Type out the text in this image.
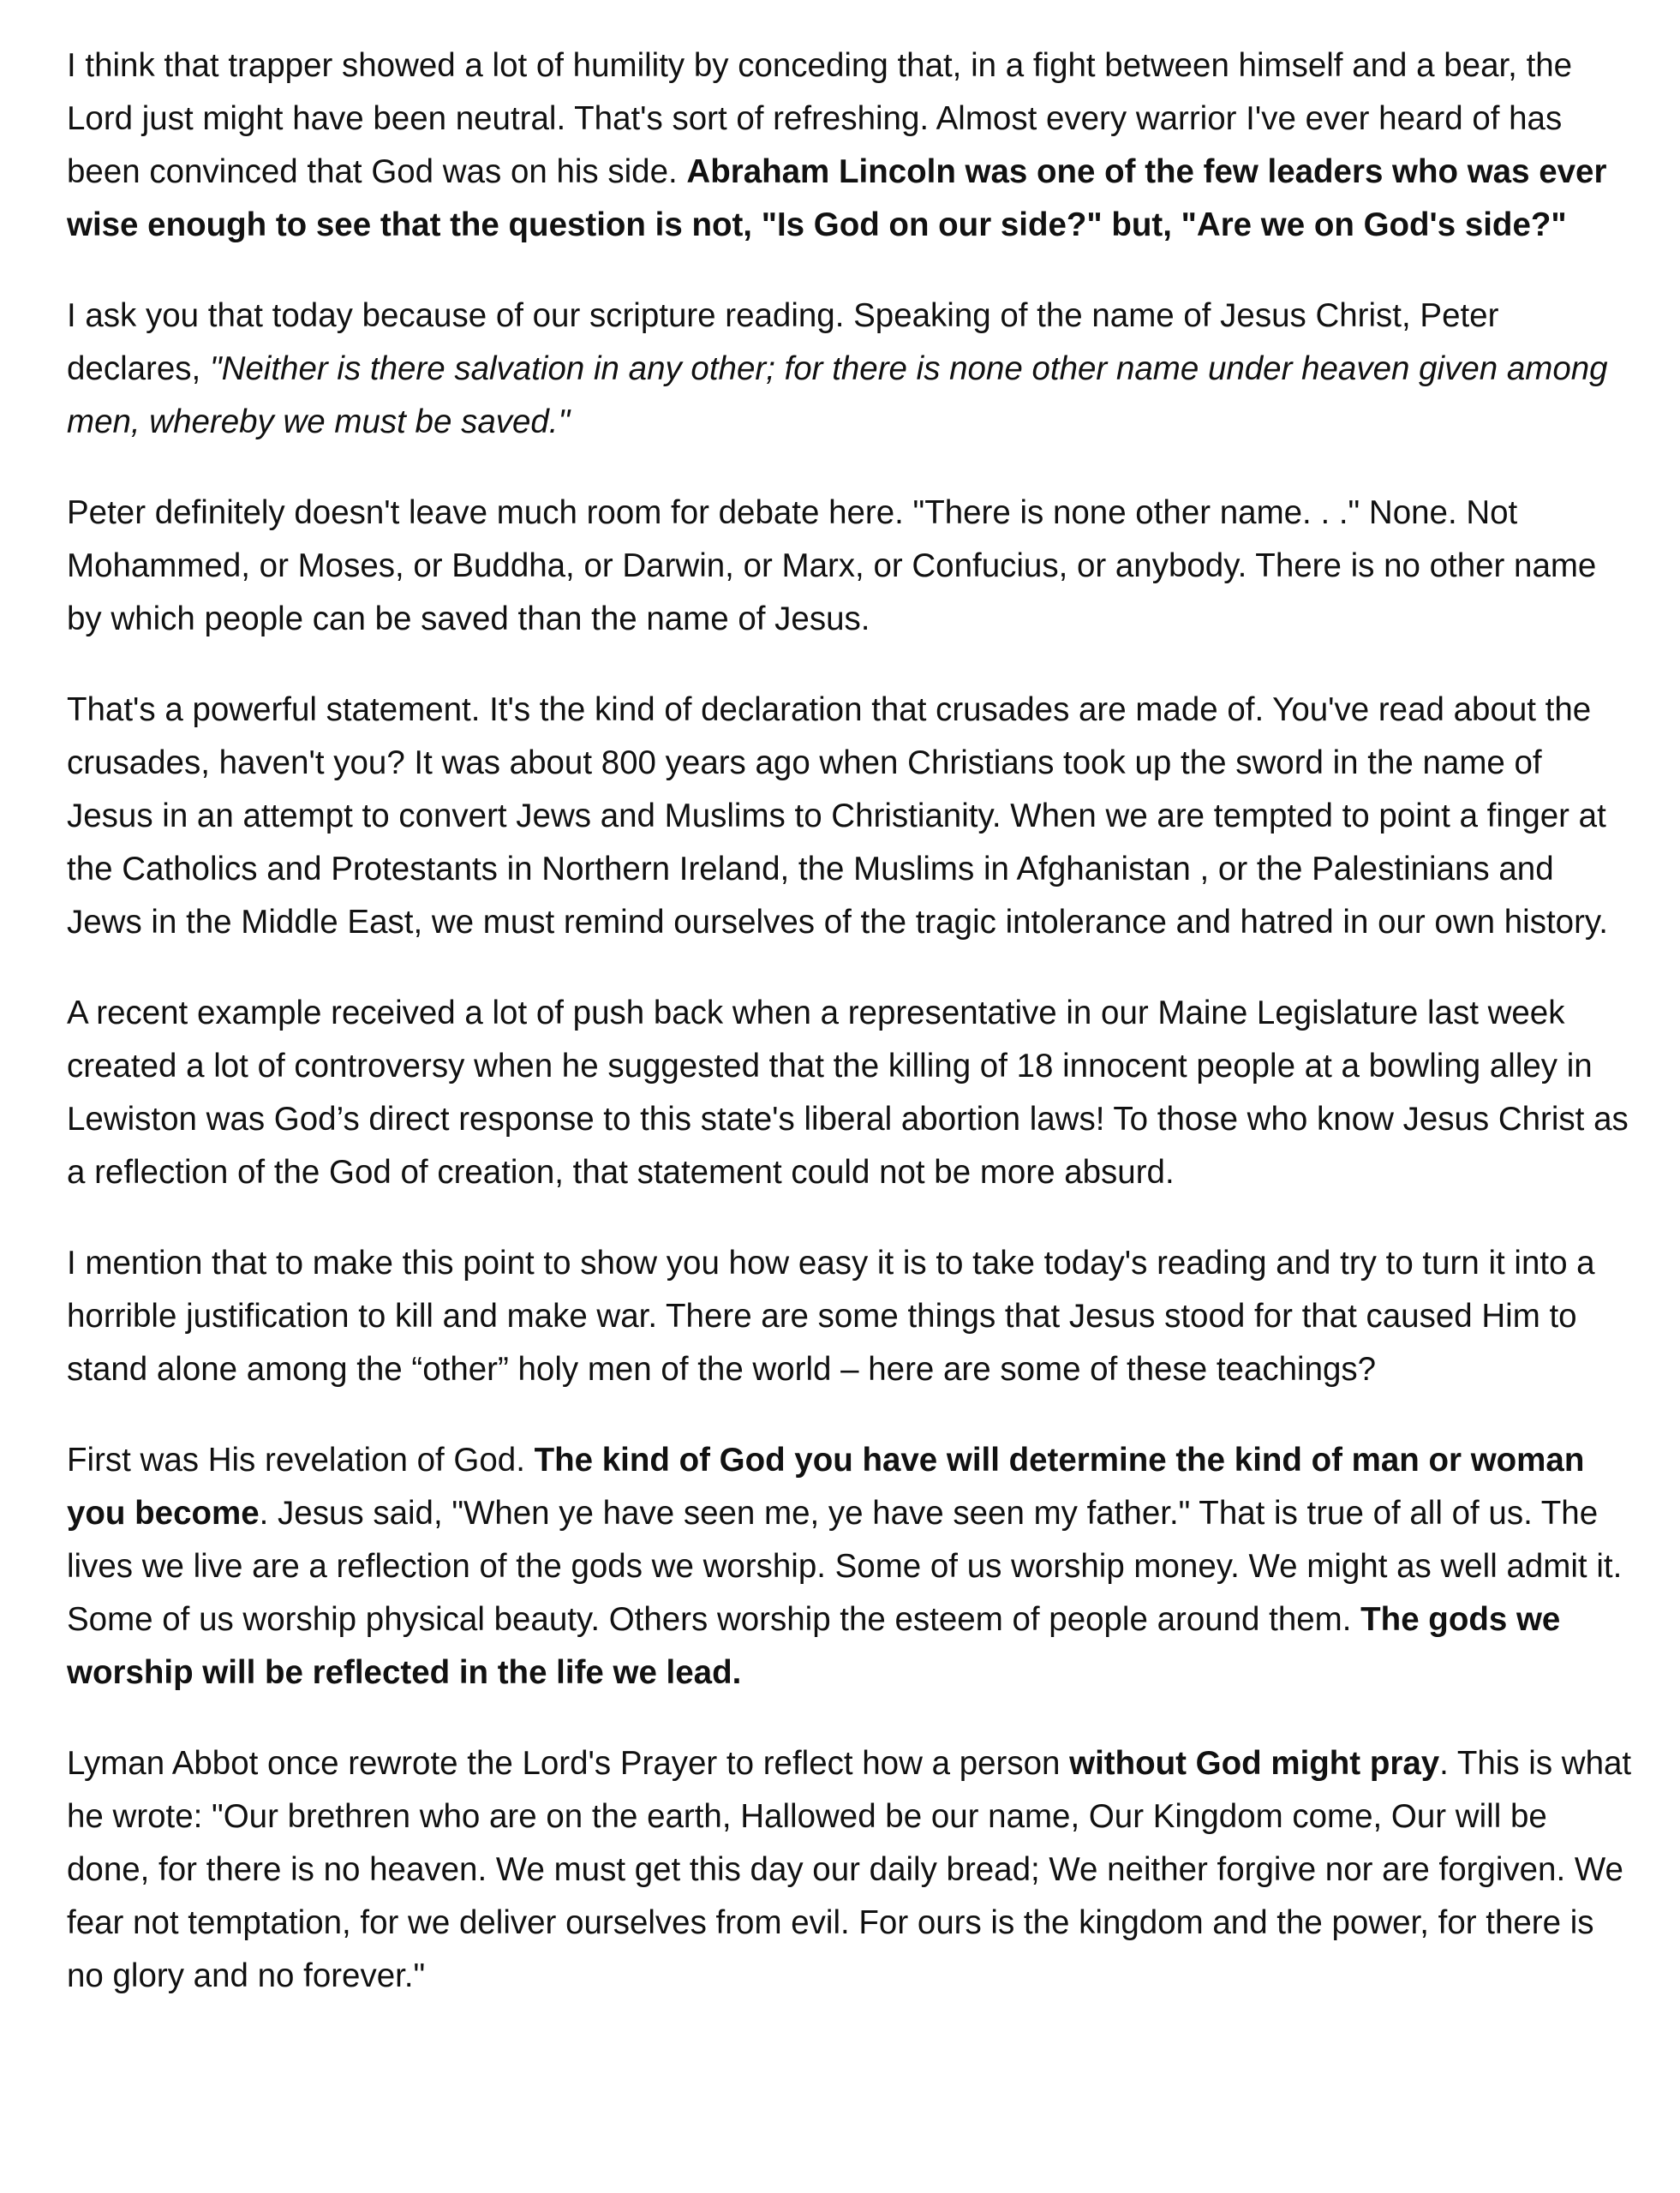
I think that trapper showed a lot of humility by conceding that, in a fight between himself and a bear, the Lord just might have been neutral. That's sort of refreshing. Almost every warrior I've ever heard of has been convinced that God was on his side. Abraham Lincoln was one of the few leaders who was ever wise enough to see that the question is not, "Is God on our side?" but, "Are we on God's side?"

I ask you that today because of our scripture reading. Speaking of the name of Jesus Christ, Peter declares, "Neither is there salvation in any other; for there is none other name under heaven given among men, whereby we must be saved."

Peter definitely doesn't leave much room for debate here. "There is none other name. . ." None. Not Mohammed, or Moses, or Buddha, or Darwin, or Marx, or Confucius, or anybody. There is no other name by which people can be saved than the name of Jesus.

That's a powerful statement. It's the kind of declaration that crusades are made of. You've read about the crusades, haven't you? It was about 800 years ago when Christians took up the sword in the name of Jesus in an attempt to convert Jews and Muslims to Christianity. When we are tempted to point a finger at the Catholics and Protestants in Northern Ireland, the Muslims in Afghanistan , or the Palestinians and Jews in the Middle East, we must remind ourselves of the tragic intolerance and hatred in our own history.

A recent example received a lot of push back when a representative in our Maine Legislature last week created a lot of controversy when he suggested that the killing of 18 innocent people at a bowling alley in Lewiston was God’s direct response to this state's liberal abortion laws! To those who know Jesus Christ as a reflection of the God of creation, that statement could not be more absurd.

I mention that to make this point to show you how easy it is to take today's reading and try to turn it into a horrible justification to kill and make war. There are some things that Jesus stood for that caused Him to stand alone among the “other” holy men of the world – here are some of these teachings?

First was His revelation of God. The kind of God you have will determine the kind of man or woman you become. Jesus said, "When ye have seen me, ye have seen my father." That is true of all of us. The lives we live are a reflection of the gods we worship. Some of us worship money. We might as well admit it. Some of us worship physical beauty. Others worship the esteem of people around them. The gods we worship will be reflected in the life we lead.

Lyman Abbot once rewrote the Lord's Prayer to reflect how a person without God might pray. This is what he wrote: "Our brethren who are on the earth, Hallowed be our name, Our Kingdom come, Our will be done, for there is no heaven. We must get this day our daily bread; We neither forgive nor are forgiven. We fear not temptation, for we deliver ourselves from evil. For ours is the kingdom and the power, for there is no glory and no forever."
